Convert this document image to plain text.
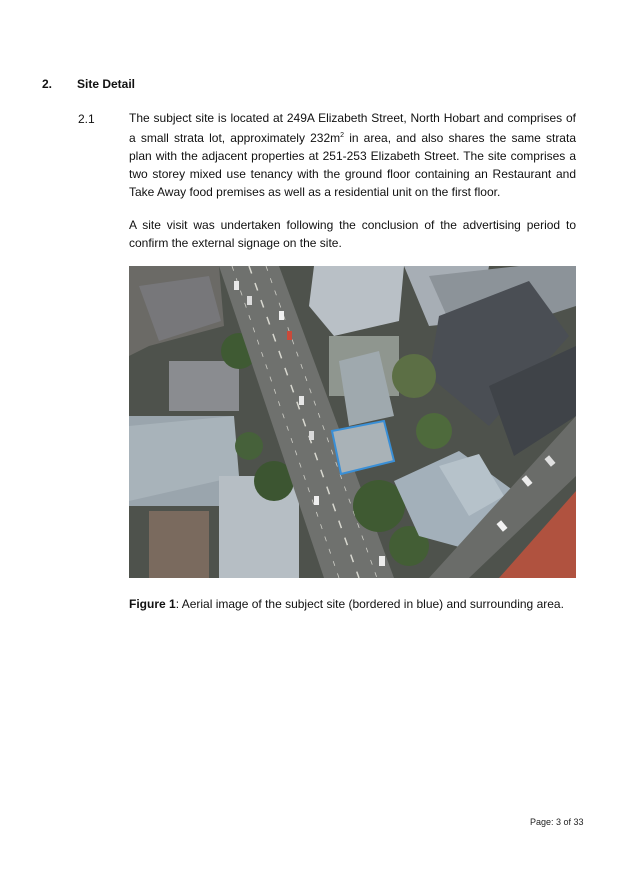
2. Site Detail
2.1	The subject site is located at 249A Elizabeth Street, North Hobart and comprises of a small strata lot, approximately $232m^2$ in area, and also shares the same strata plan with the adjacent properties at 251-253 Elizabeth Street. The site comprises a two storey mixed use tenancy with the ground floor containing an Restaurant and Take Away food premises as well as a residential unit on the first floor.

A site visit was undertaken following the conclusion of the advertising period to confirm the external signage on the site.

Figure 1: Aerial image of the subject site (bordered in blue) and surrounding area.
Page: 3 of 33
